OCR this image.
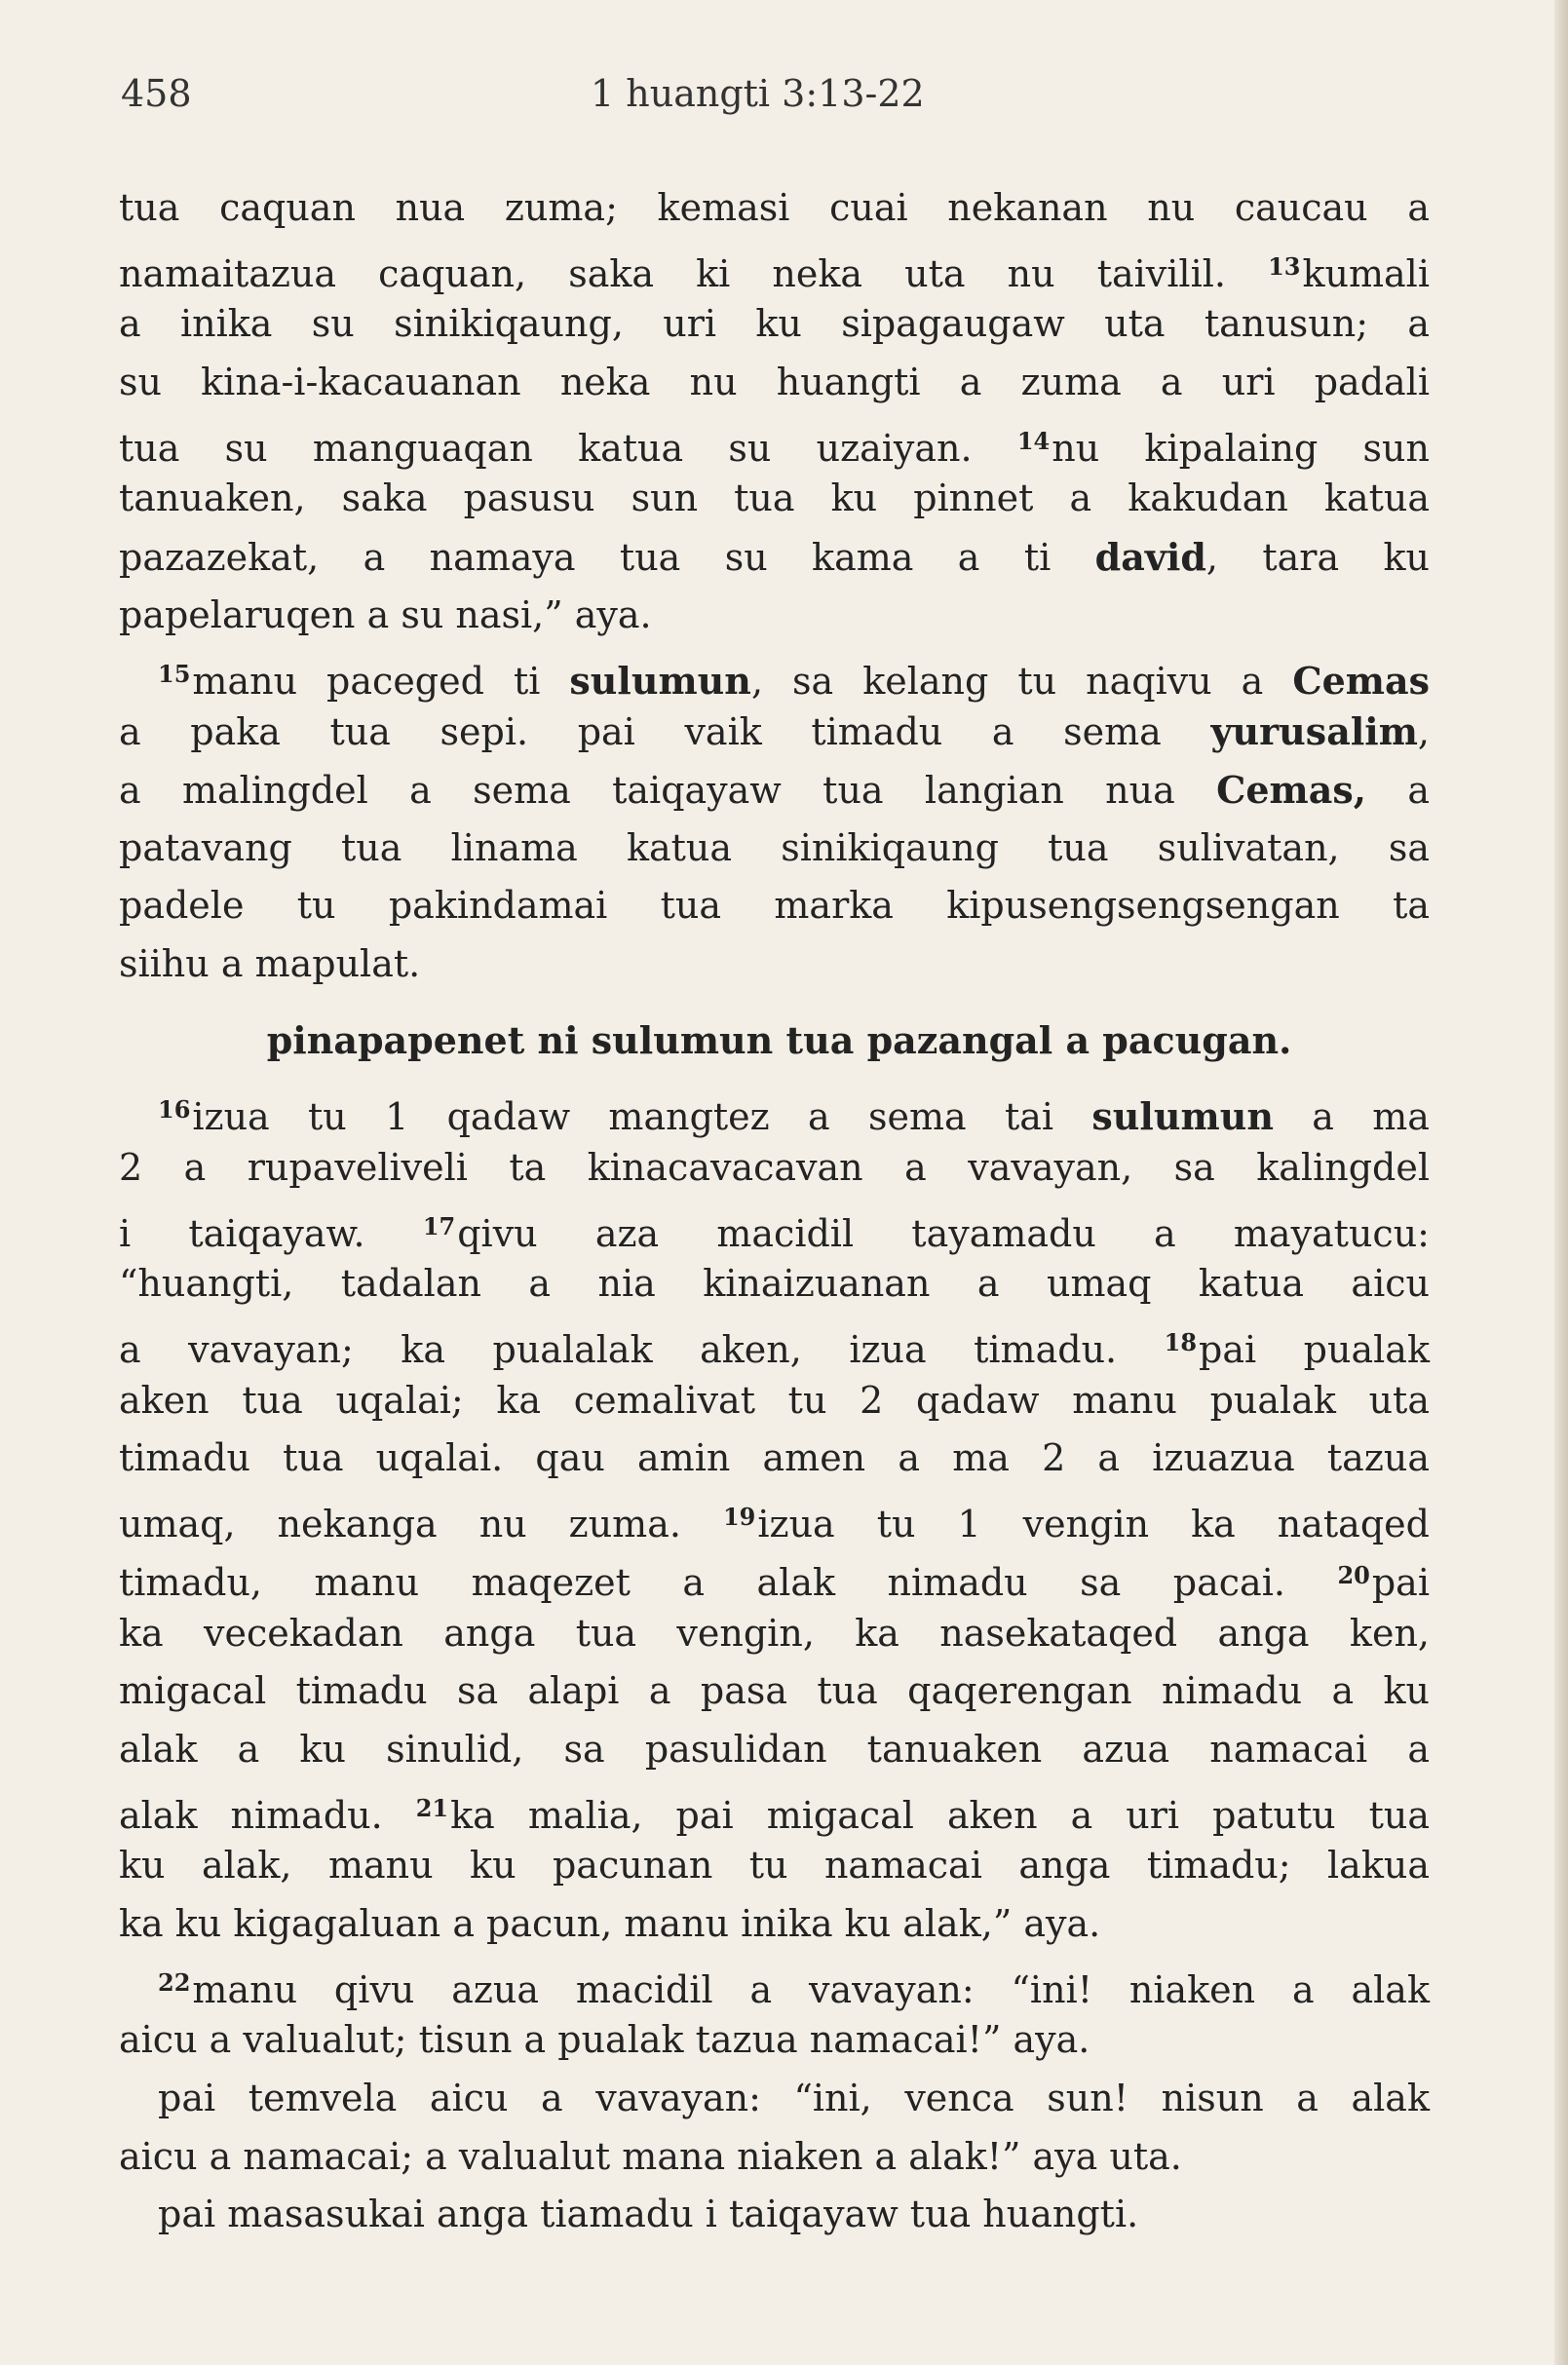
458	1 huangti 3:13-22
tua caquan nua zuma; kemasi cuai nekanan nu caucau a
namaitazua caquan, saka ki neka uta nu taivilil. $^{13}$kumali
a inika su sinikiqaung, uri ku sipagaugaw uta tanusun; a
su kina-i-kacauanan neka nu huangti a zuma a uri padali
tua su manguaqan katua su uzaiyan. $^{14}$nu kipalaing sun
tanuaken, saka pasusu sun tua ku pinnet a kakudan katua
pazazekat, a namaya tua su kama a ti david, tara ku
papelaruqen a su nasi,” aya.
$^{15}$manu paceged ti sulumun, sa kelang tu naqivu a Cemas
a paka tua sepi. pai vaik timadu a sema yurusalim,
a malingdel a sema taiqayaw tua langian nua Cemas, a
patavang tua linama katua sinikiqaung tua sulivatan, sa
padele tu pakindamai tua marka kipusengsengsengan ta
siihu a mapulat.
pinapapenet ni sulumun tua pazangal a pacugan.
$^{16}$izua tu 1 qadaw mangtez a sema tai sulumun a ma
2 a rupaveliveli ta kinacavacavan a vavayan, sa kalingdel
i taiqayaw. $^{17}$qivu aza macidil tayamadu a mayatucu:
“huangti, tadalan a nia kinaizuanan a umaq katua aicu
a vavayan; ka pualalak aken, izua timadu. $^{18}$pai pualak
aken tua uqalai; ka cemalivat tu 2 qadaw manu pualak uta
timadu tua uqalai. qau amin amen a ma 2 a izuazua tazua
umaq, nekanga nu zuma. $^{19}$izua tu 1 vengin ka nataqed
timadu, manu maqezet a alak nimadu sa pacai. $^{20}$pai
ka vecekadan anga tua vengin, ka nasekataqed anga ken,
migacal timadu sa alapi a pasa tua qaqerengan nimadu a ku
alak a ku sinulid, sa pasulidan tanuaken azua namacai a
alak nimadu. $^{21}$ka malia, pai migacal aken a uri patutu tua
ku alak, manu ku pacunan tu namacai anga timadu; lakua
ka ku kigagaluan a pacun, manu inika ku alak,” aya.
$^{22}$manu qivu azua macidil a vavayan: “ini! niaken a alak
aicu a valualut; tisun a pualak tazua namacai!” aya.
pai temvela aicu a vavayan: “ini, venca sun! nisun a alak
aicu a namacai; a valualut mana niaken a alak!” aya uta.
pai masasukai anga tiamadu i taiqayaw tua huangti.
